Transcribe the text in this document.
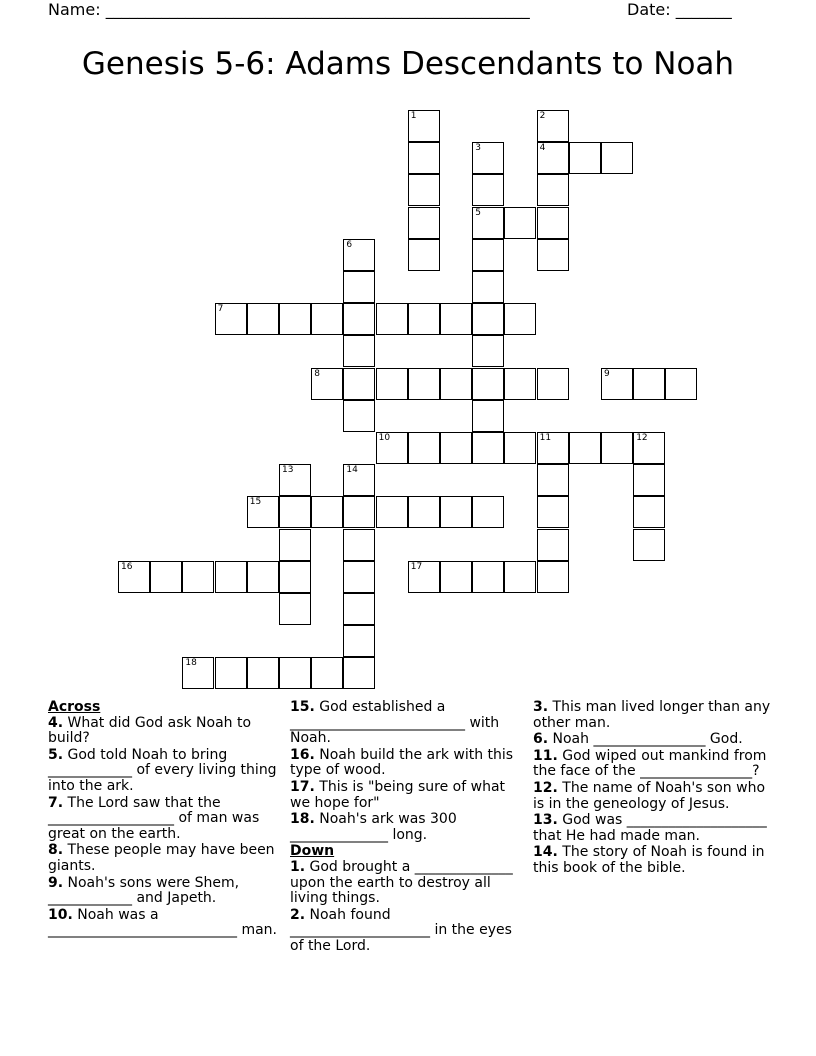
Name: _____________________________________________________	Date: _______
Genesis 5-6: Adams Descendants to Noah
1	2
4
3
5
6
7
8	9
10	11	12
13	14
15
16	17
18
Across
4. What did God ask Noah to build?
5. God told Noah to bring ____________ of every living thing into the ark.
7. The Lord saw that the __________________ of man was great on the earth.
8. These people may have been giants.
9. Noah's sons were Shem, ____________ and Japeth.
10. Noah was a ___________________________ man.
15. God established a _________________________ with Noah.
16. Noah build the ark with this type of wood.
17. This is "being sure of what we hope for"
18. Noah's ark was 300 ______________ long.
Down
1. God brought a ______________ upon the earth to destroy all living things.
2. Noah found ____________________ in the eyes of the Lord.
3. This man lived longer than any other man.
6. Noah ________________ God.
11. God wiped out mankind from the face of the ________________?
12. The name of Noah's son who is in the geneology of Jesus.
13. God was ____________________ that He had made man.
14. The story of Noah is found in this book of the bible.
